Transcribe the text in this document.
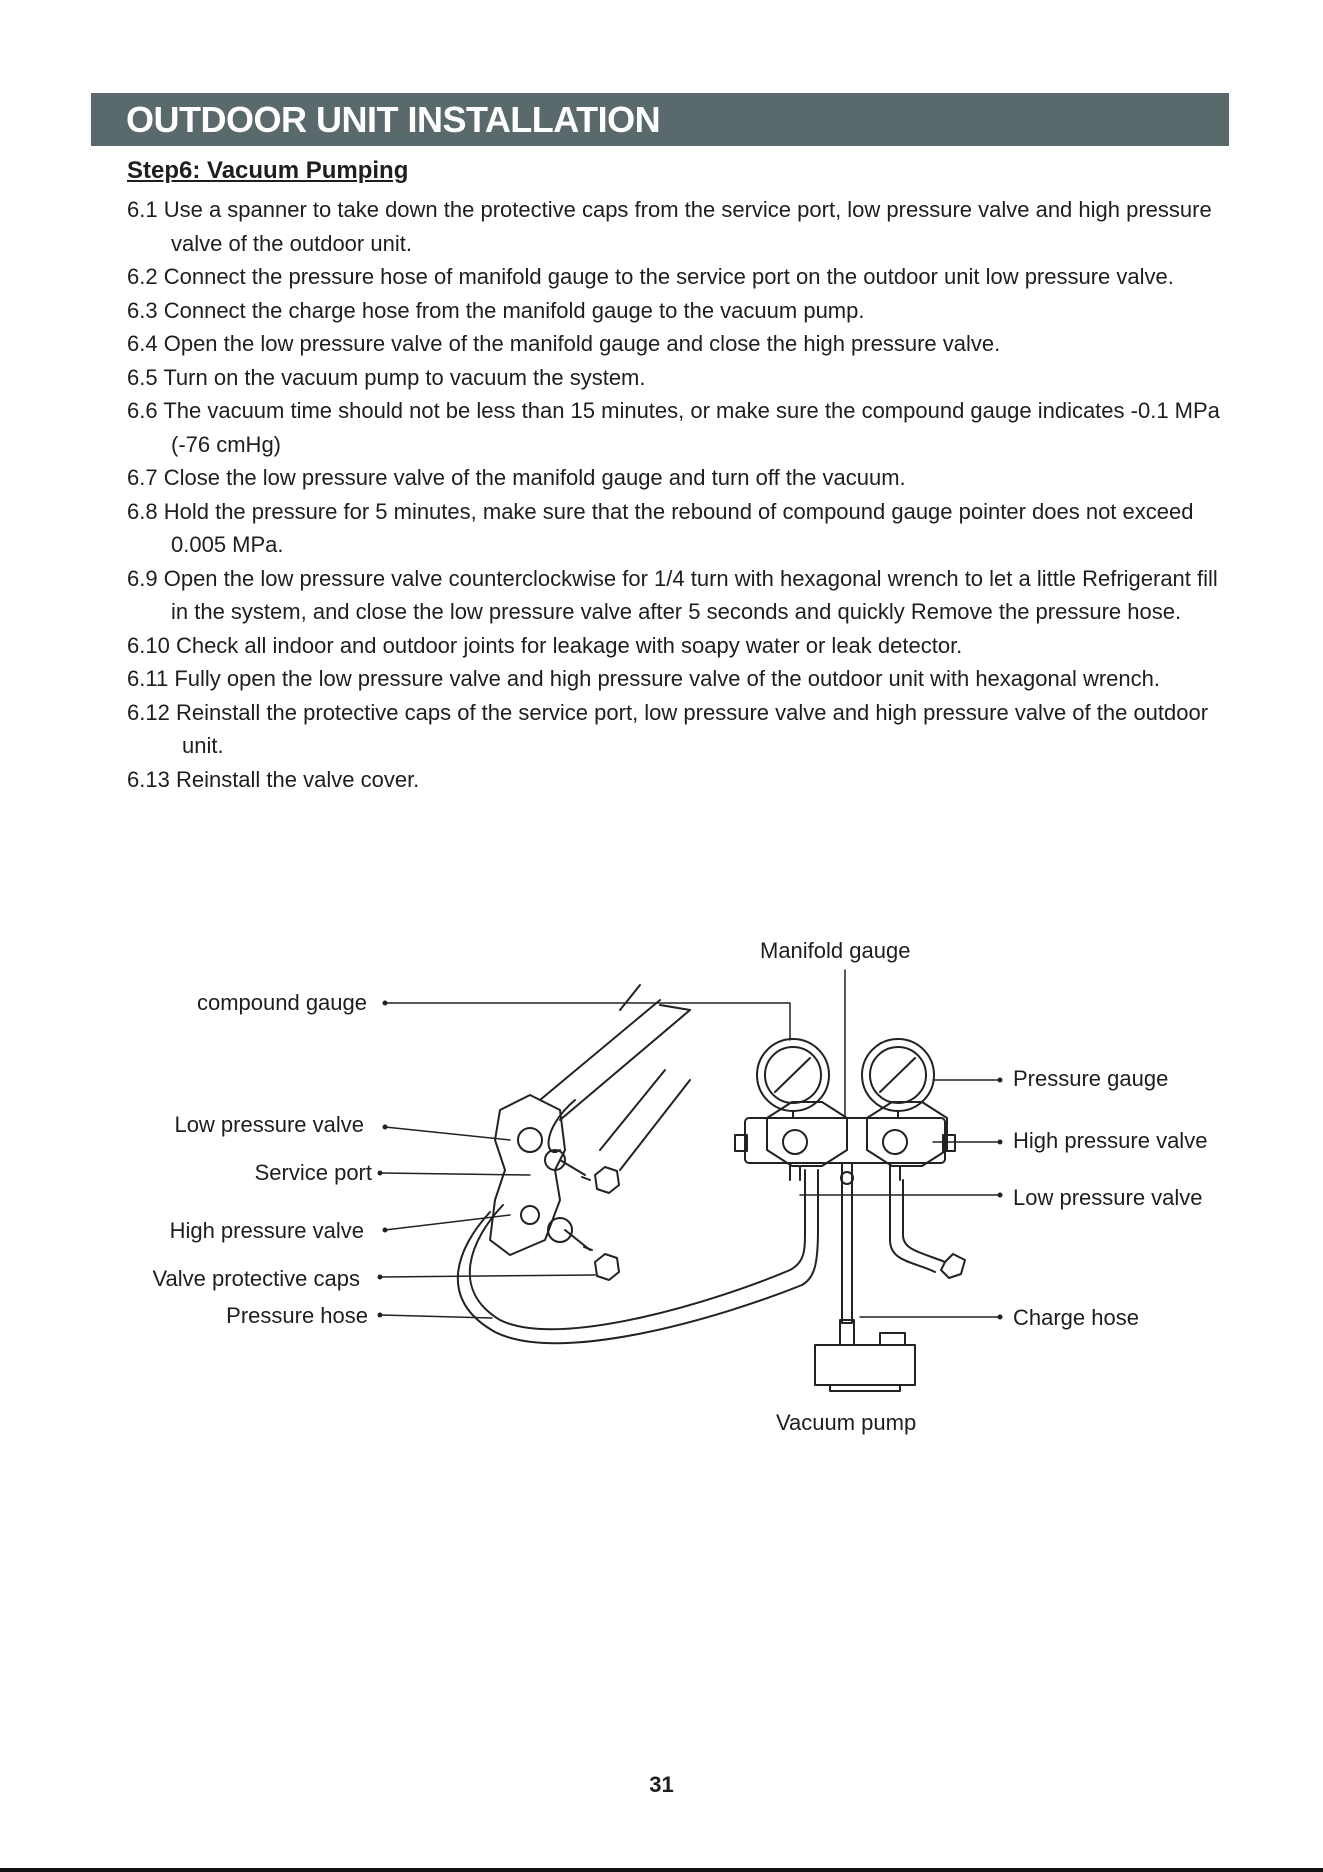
OUTDOOR UNIT INSTALLATION
Step6: Vacuum Pumping
6.1 Use a spanner to take down the protective caps from the service port, low pressure valve and high pressure valve of the outdoor unit.
6.2 Connect the pressure hose of manifold gauge to the service port on the outdoor unit low pressure valve.
6.3 Connect the charge hose from the manifold gauge to the vacuum pump.
6.4 Open the low pressure valve of the manifold gauge and close the high pressure valve.
6.5 Turn on the vacuum pump to vacuum the system.
6.6 The vacuum time should not be less than 15 minutes, or make sure the compound gauge indicates -0.1 MPa (-76 cmHg)
6.7 Close the low pressure valve of the manifold gauge and turn off the vacuum.
6.8 Hold the pressure for 5 minutes, make sure that the rebound of compound gauge pointer does not exceed 0.005 MPa.
6.9 Open the low pressure valve counterclockwise for 1/4 turn with hexagonal wrench to let a little Refrigerant fill in the system, and close the low pressure valve after 5 seconds and quickly Remove the pressure hose.
6.10 Check all indoor and outdoor joints for leakage with soapy water or leak detector.
6.11 Fully open the low pressure valve and high pressure valve of the outdoor unit with hexagonal wrench.
6.12 Reinstall the protective caps of the service port, low pressure valve and high pressure valve of the outdoor unit.
6.13 Reinstall the valve cover.
Manifold gauge
compound gauge
Pressure gauge
Low pressure valve
High pressure valve
Service port
Low pressure valve
High pressure valve
Valve protective caps
Pressure hose	Charge hose
Vacuum pump
31
